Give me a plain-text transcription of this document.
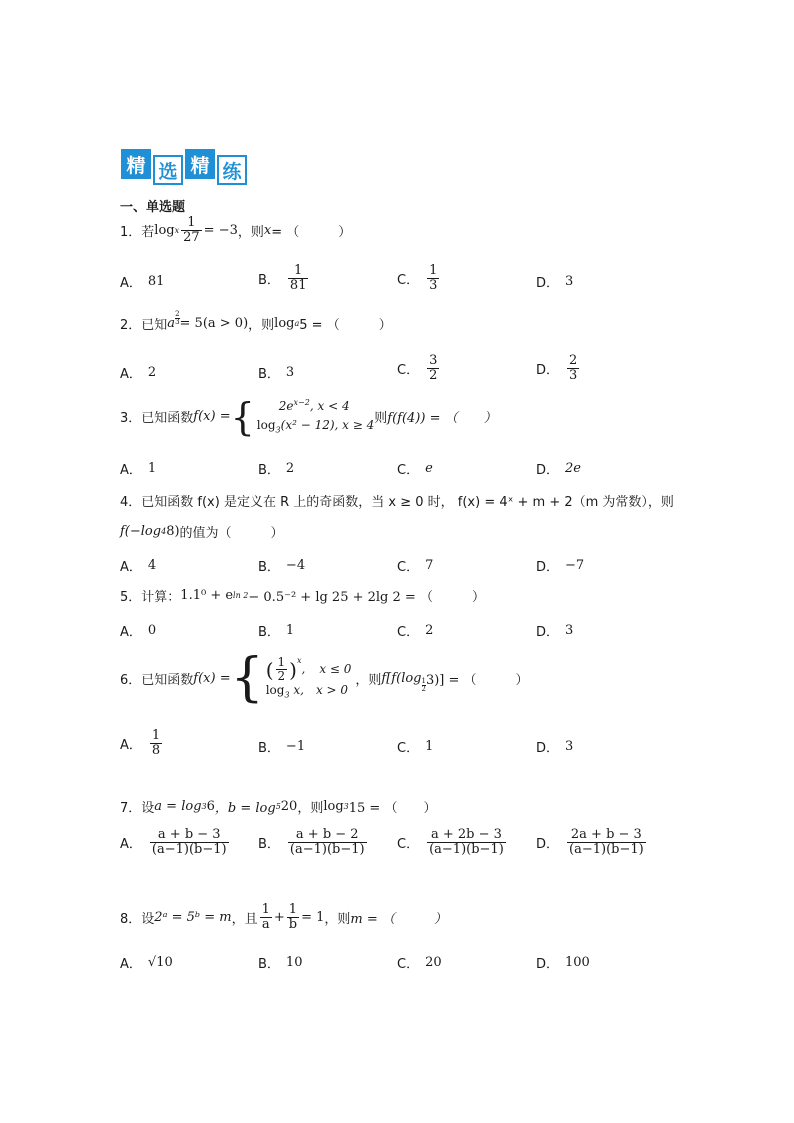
精 选 精 练
一、单选题
1． 若 log x $\frac{1}{27} = -3$ ，则 x = （　　　）
A． 81	B． $\frac{1}{81}$	C． $\frac{1}{3}$	D． 3
2． 已知 a $\frac{2}{3} = 5(a > 0)$ ，则 log a 5 = （　　　）
A． 2	B． 3	C． $\frac{3}{2}$	D． $\frac{2}{3}$
3． 已知函数 f(x) = {	$2e^{x-2}$, x < 4
$\log_3(x^2 - 12)$, x ≥ 4 则 f(f(4)) = （　　）
A． 1	B． 2	C． e	D． 2e
4． 已知函数 f(x) 是定义在 R 上的奇函数，当 x ≥ 0 时， f(x) = 4ˣ + m + 2（m 为常数），则
f(−log 4 8) 的值为（　　　）
A． 4	B． −4	C． 7	D． −7
5． 计算： 1.1⁰ + e ln 2 − 0.5⁻² + lg 25 + 2lg 2 = （　　　）
A． 0	B． 1	C． 2	D． 3
6． 已知函数 f(x) = { ( $\frac{1}{2}$ ) x
, x ≤ 0
$\log_3 x$, x > 0
，则 $f[f(\log \frac{1}{2} 3)]$ = （　　　）
A． $\frac{1}{8}$	B． −1	C． 1	D． 3
7． 设 a = log 3 6 ，b = log 5 20 ，则 log 3 15 = （　　）
A． $\frac{a + b - 3}{(a-1)(b-1)}$ B． $\frac{a + b - 2}{(a-1)(b-1)}$ C． $\frac{a + 2b - 3}{(a-1)(b-1)}$ D． $\frac{2a + b - 3}{(a-1)(b-1)}$
8． 设 2ᵃ = 5ᵇ = m ，且 $\frac{1}{a} + \frac{1}{b} = 1$ ，则 m = （　　　）
A． √10	B． 10	C． 20	D． 100
